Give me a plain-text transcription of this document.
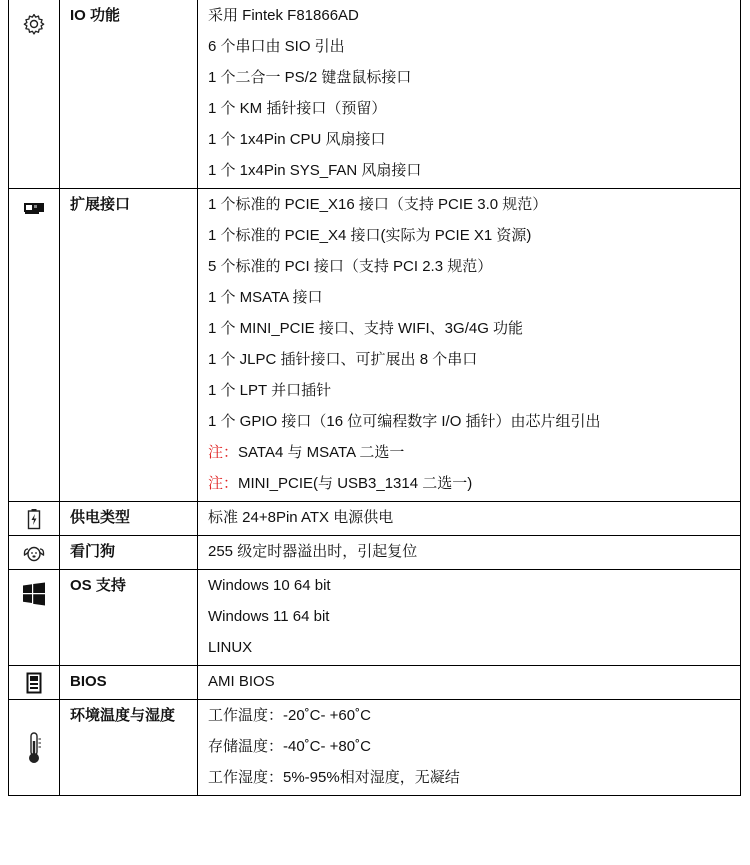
IO 功能	采用 Fintek F81866AD
6 个串口由 SIO 引出
1 个二合一 PS/2 键盘鼠标接口
1 个 KM 插针接口（预留）
1 个 1x4Pin CPU 风扇接口
1 个 1x4Pin SYS_FAN 风扇接口
扩展接口	1 个标准的 PCIE_X16 接口（支持 PCIE 3.0 规范）
1 个标准的 PCIE_X4 接口(实际为 PCIE X1 资源)
5 个标准的 PCI 接口（支持 PCI 2.3 规范）
1 个 MSATA 接口
1 个 MINI_PCIE 接口、支持 WIFI、3G/4G 功能
1 个 JLPC 插针接口、可扩展出 8 个串口
1 个 LPT 并口插针
1 个 GPIO 接口（16 位可编程数字 I/O 插针）由芯片组引出
注：SATA4 与 MSATA 二选一
注：MINI_PCIE(与 USB3_1314 二选一)
供电类型	标准 24+8Pin ATX 电源供电
看门狗	255 级定时器溢出时，引起复位
OS 支持	Windows 10 64 bit
Windows 11 64 bit
LINUX
BIOS	AMI BIOS
环境温度与湿度	工作温度：-20˚C- +60˚C
存储温度：-40˚C- +80˚C
工作湿度：5%-95%相对湿度，无凝结
